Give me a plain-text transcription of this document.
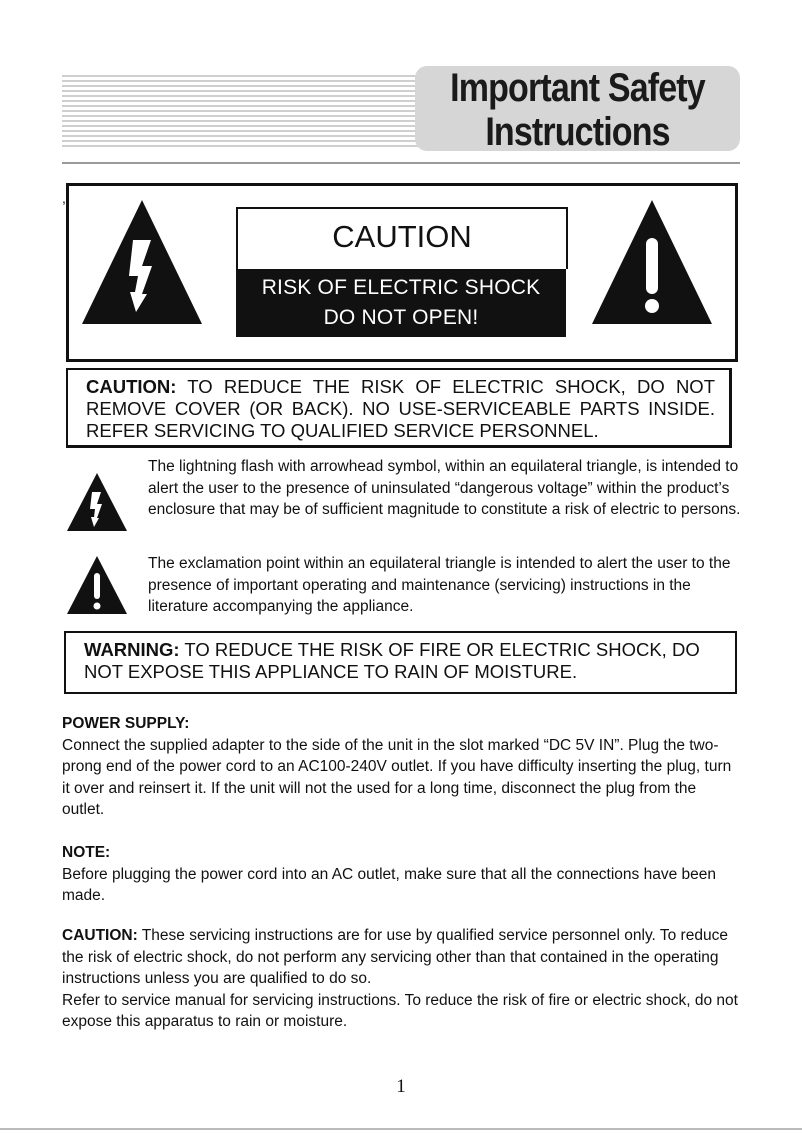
Important Safety
Instructions
,
CAUTION
RISK OF ELECTRIC SHOCK
DO NOT OPEN!
CAUTION: TO REDUCE THE RISK OF ELECTRIC SHOCK, DO NOT REMOVE COVER (OR BACK). NO USE-SERVICEABLE PARTS INSIDE. REFER SERVICING TO QUALIFIED SERVICE PERSONNEL.
The lightning flash with arrowhead symbol, within an equilateral triangle, is intended to alert the user to the presence of uninsulated “dangerous voltage” within the product’s enclosure that may be of sufficient magnitude to constitute a risk of electric to persons.
The exclamation point within an equilateral triangle is intended to alert the user to the presence of important operating and maintenance (servicing) instructions in the literature accompanying the appliance.
WARNING: TO REDUCE THE RISK OF FIRE OR ELECTRIC SHOCK, DO NOT EXPOSE THIS APPLIANCE TO RAIN OF MOISTURE.
POWER SUPPLY:
Connect the supplied adapter to the side of the unit in the slot marked “DC 5V IN”. Plug the two-prong end of the power cord to an AC100-240V outlet. If you have difficulty inserting the plug, turn it over and reinsert it. If the unit will not the used for a long time, disconnect the plug from the outlet.
NOTE:
Before plugging the power cord into an AC outlet, make sure that all the connections have been made.
CAUTION: These servicing instructions are for use by qualified service personnel only. To reduce the risk of electric shock, do not perform any servicing other than that contained in the operating instructions unless you are qualified to do so.
Refer to service manual for servicing instructions. To reduce the risk of fire or electric shock, do not expose this apparatus to rain or moisture.
1
